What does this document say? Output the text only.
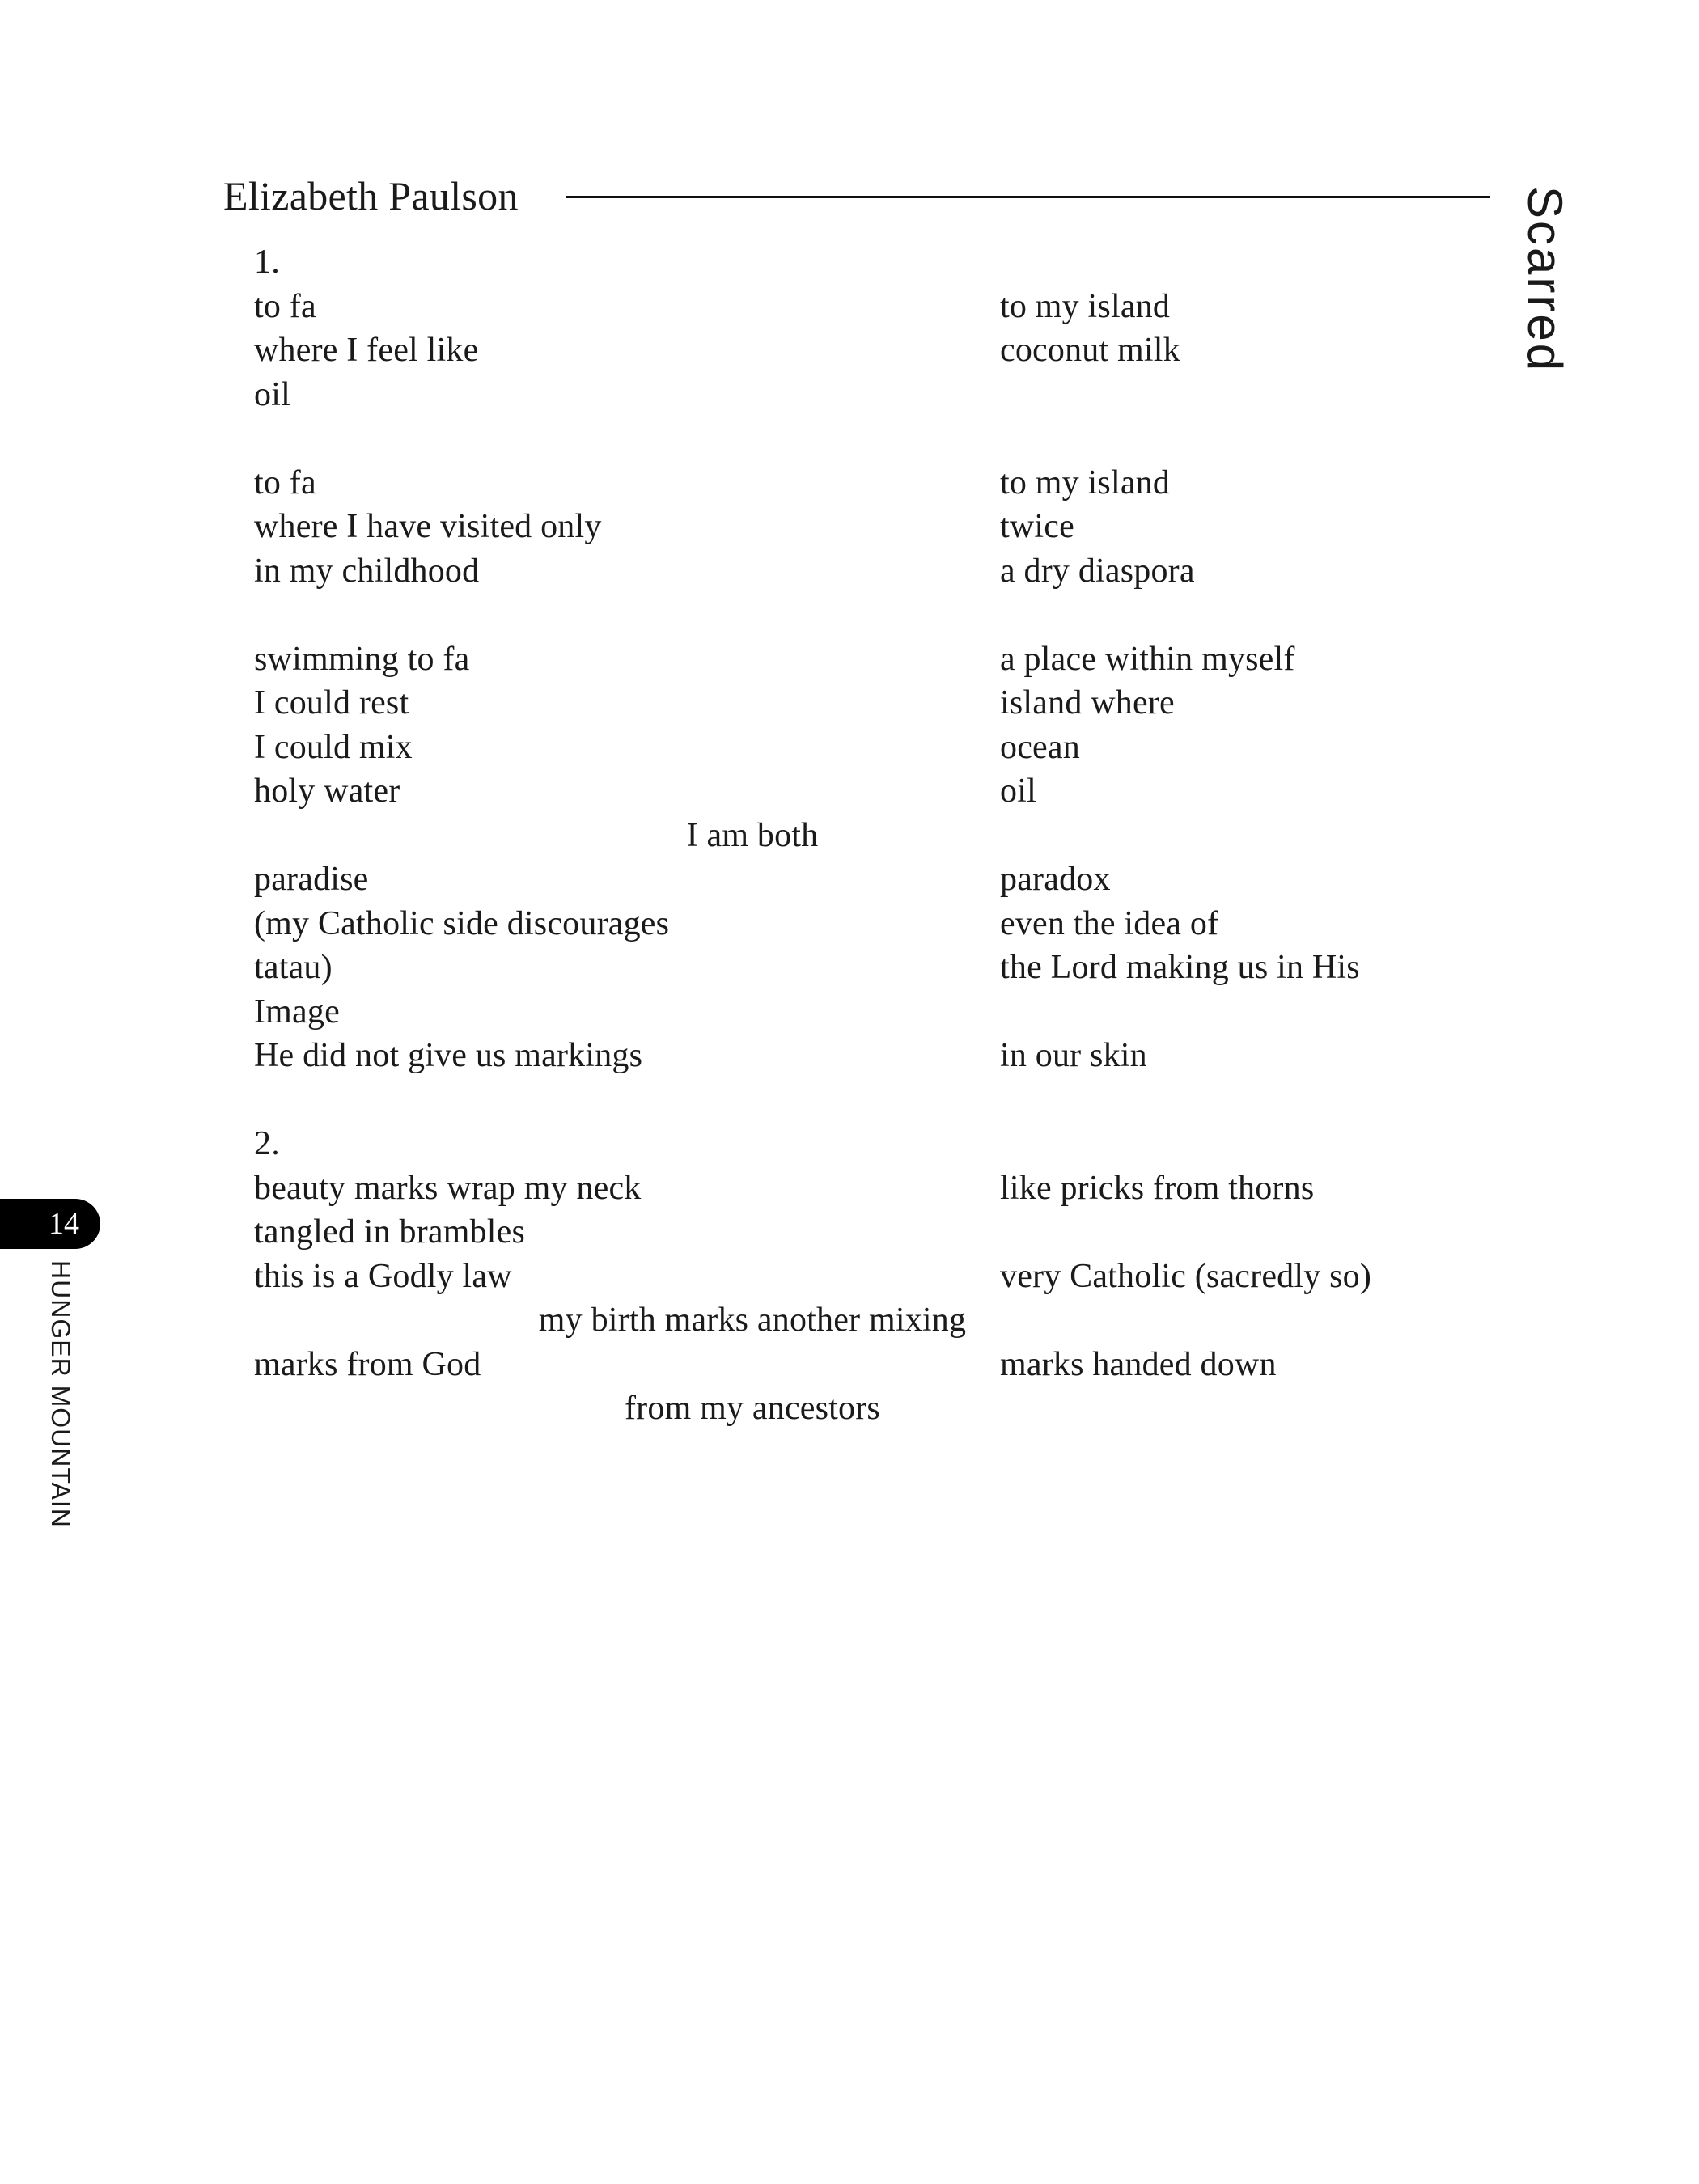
Elizabeth Paulson	Scarred
14
HUNGER MOUNTAIN
1.
to fa	to my island
where I feel like	coconut milk
oil
to fa	to my island
where I have visited only	twice
in my childhood	a dry diaspora
swimming to fa	a place within myself
I could rest	island where
I could mix	ocean
holy water	oil
I am both
paradise	paradox
(my Catholic side discourages	even the idea of
tatau)	the Lord making us in His
Image
He did not give us markings	in our skin
2.
beauty marks wrap my neck	like pricks from thorns
tangled in brambles
this is a Godly law	very Catholic (sacredly so)
my birth marks another mixing
marks from God	marks handed down
from my ancestors
